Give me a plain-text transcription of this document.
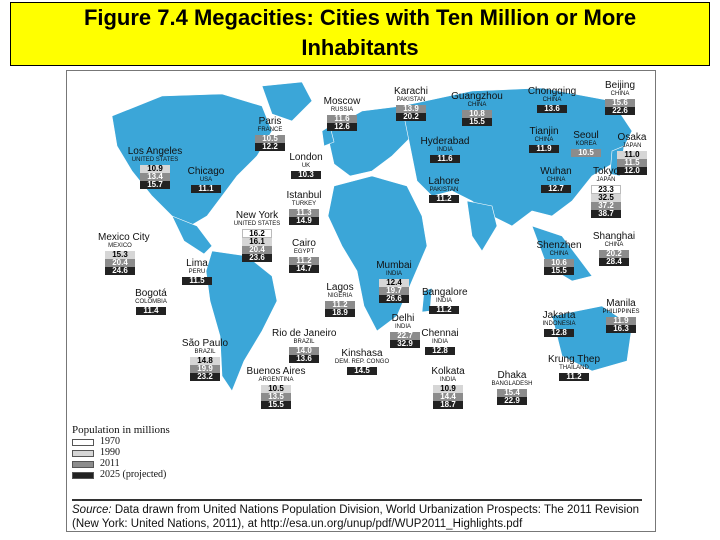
Figure 7.4 Megacities: Cities with Ten Million or More
Inhabitants
Los Angeles
UNITED STATES
10.9
13.4
15.7
Chicago
USA
11.1
Paris
FRANCE
10.5
12.2
London
UK
10.3
Moscow
RUSSIA
11.6
12.6
Karachi
PAKISTAN
13.9
20.2
Guangzhou
CHINA
10.8
15.5
Chongqing
CHINA
13.6
Beijing
CHINA
15.6
22.6
Osaka
JAPAN
11.0
11.5
12.0
Seoul
KOREA
10.5
Tianjin
CHINA
11.9
Hyderabad
INDIA
11.6
Wuhan
CHINA
12.7
Tokyo
JAPAN
23.3
32.5
37.2
38.7
Lahore
PAKISTAN
11.2
Istanbul
TURKEY
11.3
14.9
New York
UNITED STATES
16.2
16.1
20.4
23.6
Cairo
EGYPT
11.2
14.7
Mexico City
MEXICO
15.3
20.4
24.6
Shenzhen
CHINA
10.6
15.5
Shanghai
CHINA
20.2
28.4
Mumbai
INDIA
12.4
19.7
26.6
Bangalore
INDIA
11.2
Lima
PERU
11.5
Lagos
NIGERIA
11.2
18.9
Delhi
INDIA
22.7
32.9
Manila
PHILIPPINES
11.9
16.3
Bogotá
COLOMBIA
11.4	Jakarta
INDONESIA
12.8
Rio de Janeiro
BRAZIL
14.0
13.6
São Paulo
BRAZIL
14.8
19.9
23.2
Kinshasa
DEM. REP. CONGO
14.5
Chennai
INDIA
12.8
Krung Thep
THAILAND
11.2
Kolkata
INDIA
10.9
14.4
18.7
Dhaka
BANGLADESH
15.4
22.9
Buenos Aires
ARGENTINA
10.5
13.5
15.5
Population in millions
1970
1990
2011
2025 (projected)
Source: Data drawn from United Nations Population Division, World Urbanization Prospects: The 2011 Revision (New York: United Nations, 2011), at http://esa.un.org/unup/pdf/WUP2011_Highlights.pdf
